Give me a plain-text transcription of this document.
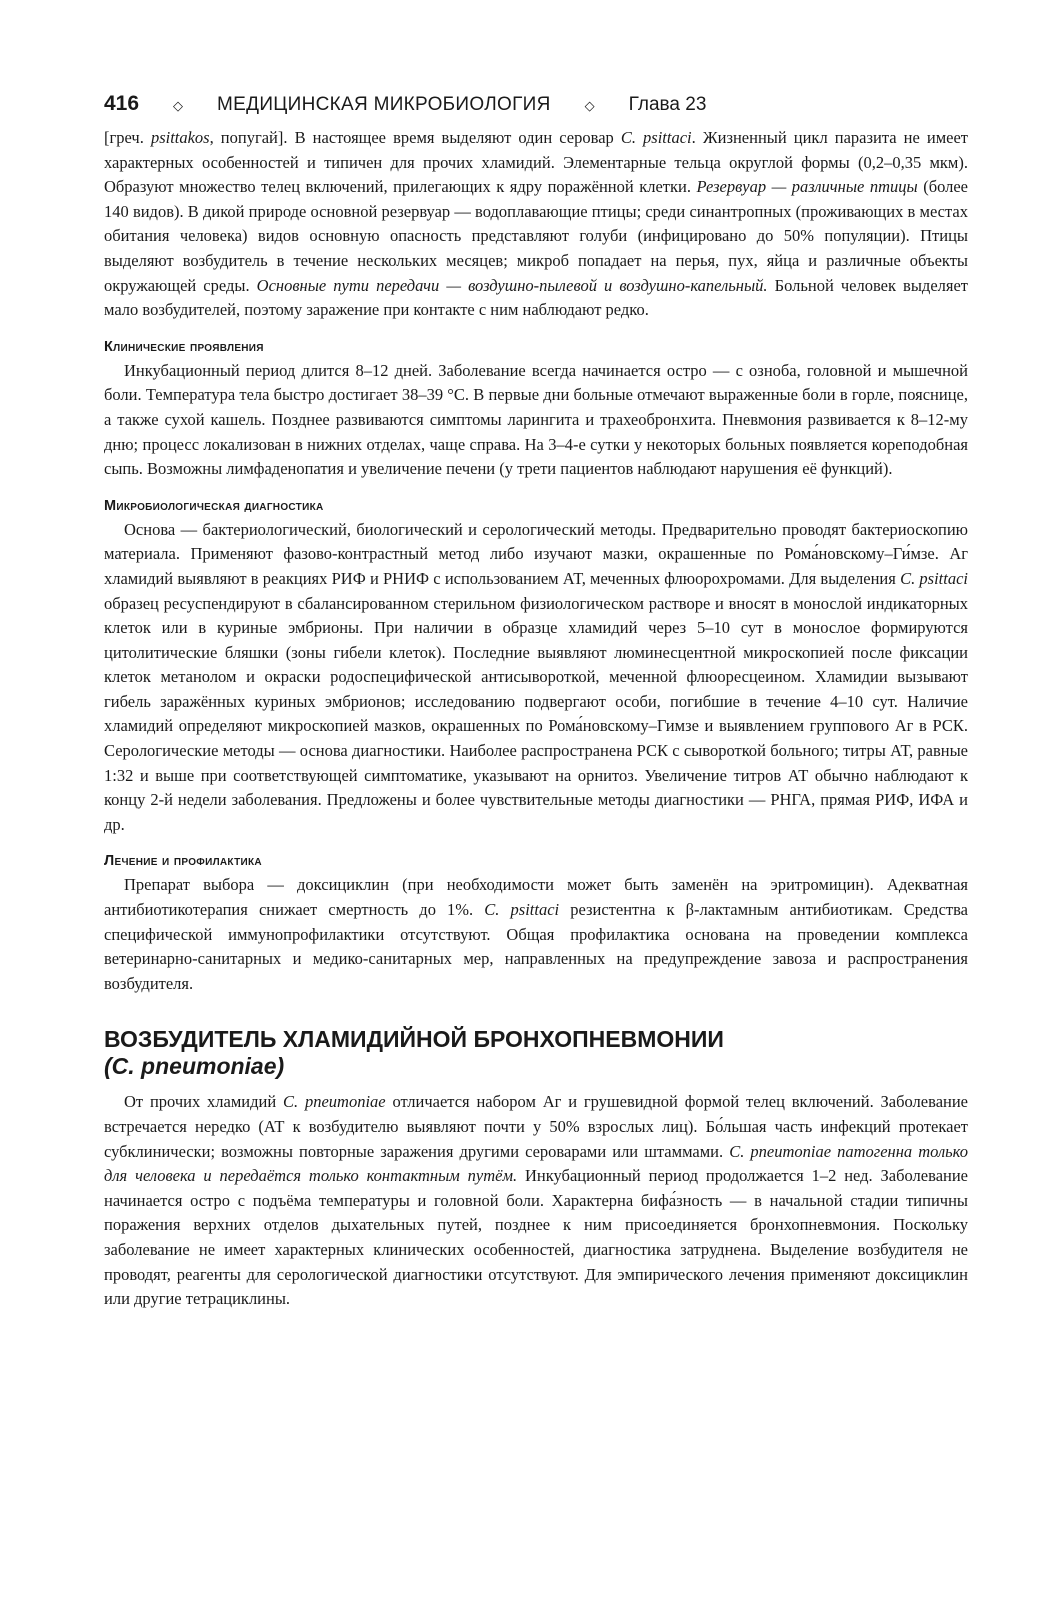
416	◇ МЕДИЦИНСКАЯ МИКРОБИОЛОГИЯ	◇ Глава 23

[греч. psittakos, попугай]. В настоящее время выделяют один серовар C. psittaci. Жизненный цикл паразита не имеет характерных особенностей и типичен для прочих хламидий. Элементарные тельца округлой формы (0,2–0,35 мкм). Образуют множество телец включений, прилегающих к ядру поражённой клетки. Резервуар — различные птицы (более 140 видов). В дикой природе основной резервуар — водоплавающие птицы; среди синантропных (проживающих в местах обитания человека) видов основную опасность представляют голуби (инфицировано до 50% популяции). Птицы выделяют возбудитель в течение нескольких месяцев; микроб попадает на перья, пух, яйца и различные объекты окружающей среды. Основные пути передачи — воздушно-пылевой и воздушно-капельный. Больной человек выделяет мало возбудителей, поэтому заражение при контакте с ним наблюдают редко.

Клинические проявления

Инкубационный период длится 8–12 дней. Заболевание всегда начинается остро — с озноба, головной и мышечной боли. Температура тела быстро достигает 38–39 °C. В первые дни больные отмечают выраженные боли в горле, пояснице, а также сухой кашель. Позднее развиваются симптомы ларингита и трахеобронхита. Пневмония развивается к 8–12-му дню; процесс локализован в нижних отделах, чаще справа. На 3–4-е сутки у некоторых больных появляется кореподобная сыпь. Возможны лимфаденопатия и увеличение печени (у трети пациентов наблюдают нарушения её функций).

Микробиологическая диагностика

Основа — бактериологический, биологический и серологический методы. Предварительно проводят бактериоскопию материала. Применяют фазово-контрастный метод либо изучают мазки, окрашенные по Рома́новскому–Ги́мзе. Аг хламидий выявляют в реакциях РИФ и РНИФ с использованием АТ, меченных флюорохромами. Для выделения C. psittaci образец ресуспендируют в сбалансированном стерильном физиологическом растворе и вносят в монослой индикаторных клеток или в куриные эмбрионы. При наличии в образце хламидий через 5–10 сут в монослое формируются цитолитические бляшки (зоны гибели клеток). Последние выявляют люминесцентной микроскопией после фиксации клеток метанолом и окраски родоспецифической антисывороткой, меченной флюоресцеином. Хламидии вызывают гибель заражённых куриных эмбрионов; исследованию подвергают особи, погибшие в течение 4–10 сут. Наличие хламидий определяют микроскопией мазков, окрашенных по Рома́новскому–Гимзе и выявлением группового Аг в РСК. Серологические методы — основа диагностики. Наиболее распространена РСК с сывороткой больного; титры АТ, равные 1:32 и выше при соответствующей симптоматике, указывают на орнитоз. Увеличение титров АТ обычно наблюдают к концу 2-й недели заболевания. Предложены и более чувствительные методы диагностики — РНГА, прямая РИФ, ИФА и др.

Лечение и профилактика

Препарат выбора — доксициклин (при необходимости может быть заменён на эритромицин). Адекватная антибиотикотерапия снижает смертность до 1%. C. psittaci резистентна к β-лактамным антибиотикам. Средства специфической иммунопрофилактики отсутствуют. Общая профилактика основана на проведении комплекса ветеринарно-санитарных и медико-санитарных мер, направленных на предупреждение завоза и распространения возбудителя.

ВОЗБУДИТЕЛЬ ХЛАМИДИЙНОЙ БРОНХОПНЕВМОНИИ
(C. pneumoniae)

От прочих хламидий C. pneumoniae отличается набором Аг и грушевидной формой телец включений. Заболевание встречается нередко (АТ к возбудителю выявляют почти у 50% взрослых лиц). Бо́льшая часть инфекций протекает субклинически; возможны повторные заражения другими сероварами или штаммами. C. pneumoniae патогенна только для человека и передаётся только контактным путём. Инкубационный период продолжается 1–2 нед. Заболевание начинается остро с подъёма температуры и головной боли. Характерна бифа́зность — в начальной стадии типичны поражения верхних отделов дыхательных путей, позднее к ним присоединяется бронхопневмония. Поскольку заболевание не имеет характерных клинических особенностей, диагностика затруднена. Выделение возбудителя не проводят, реагенты для серологической диагностики отсутствуют. Для эмпирического лечения применяют доксициклин или другие тетрациклины.
